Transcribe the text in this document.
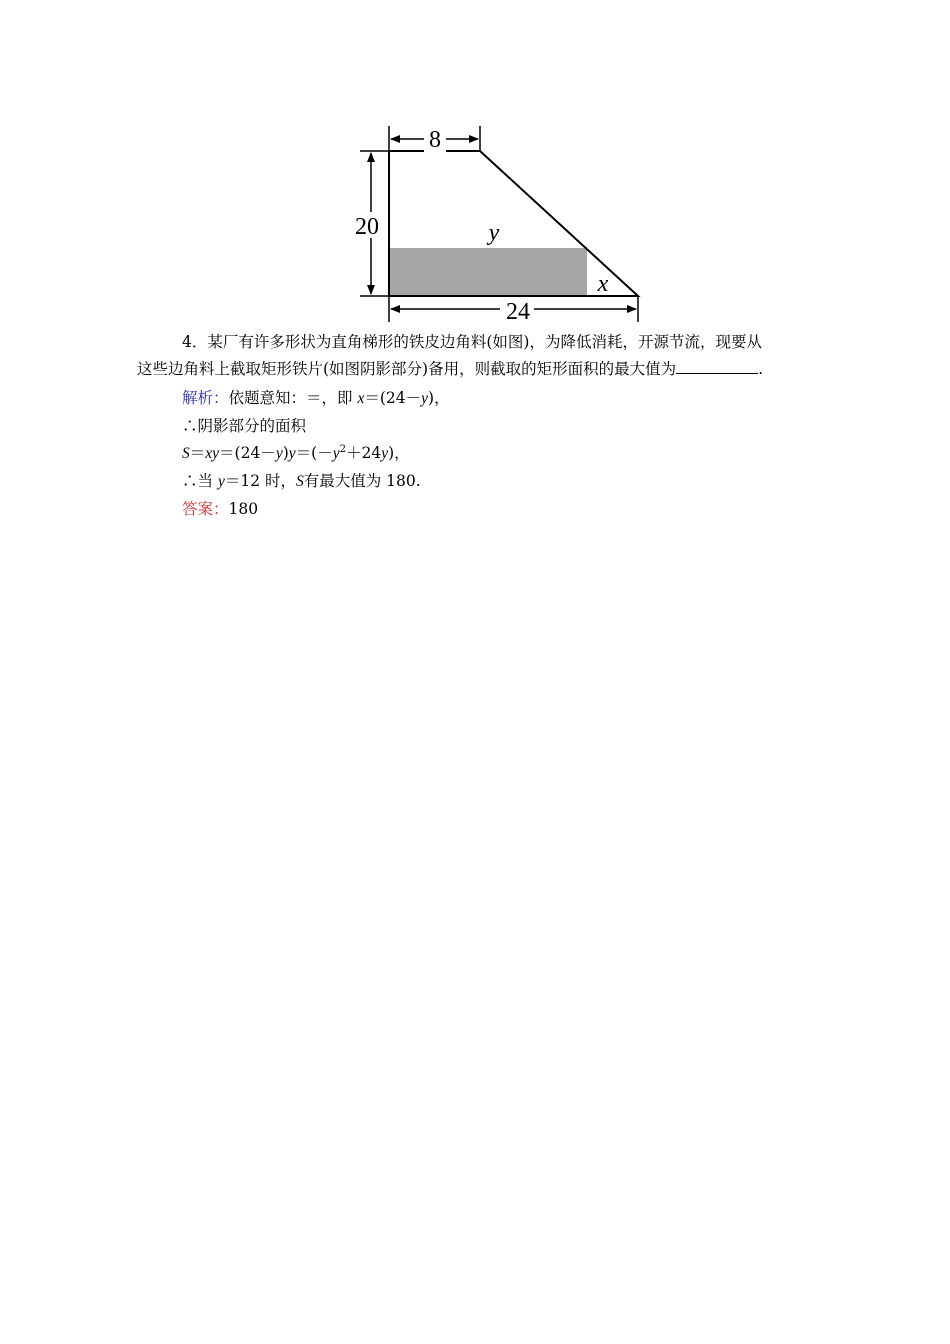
8
20
24
y
x
4．某厂有许多形状为直角梯形的铁皮边角料(如图)，为降低消耗，开源节流，现要从
这些边角料上截取矩形铁片(如图阴影部分)备用，则截取的矩形面积的最大值为	.
解析：依题意知：＝，即 x＝(24－y)，
∴阴影部分的面积
$S=xy=(24-y)y=(-y^2+24y)$，
∴当 y＝12 时，S有最大值为 180.
答案：180
